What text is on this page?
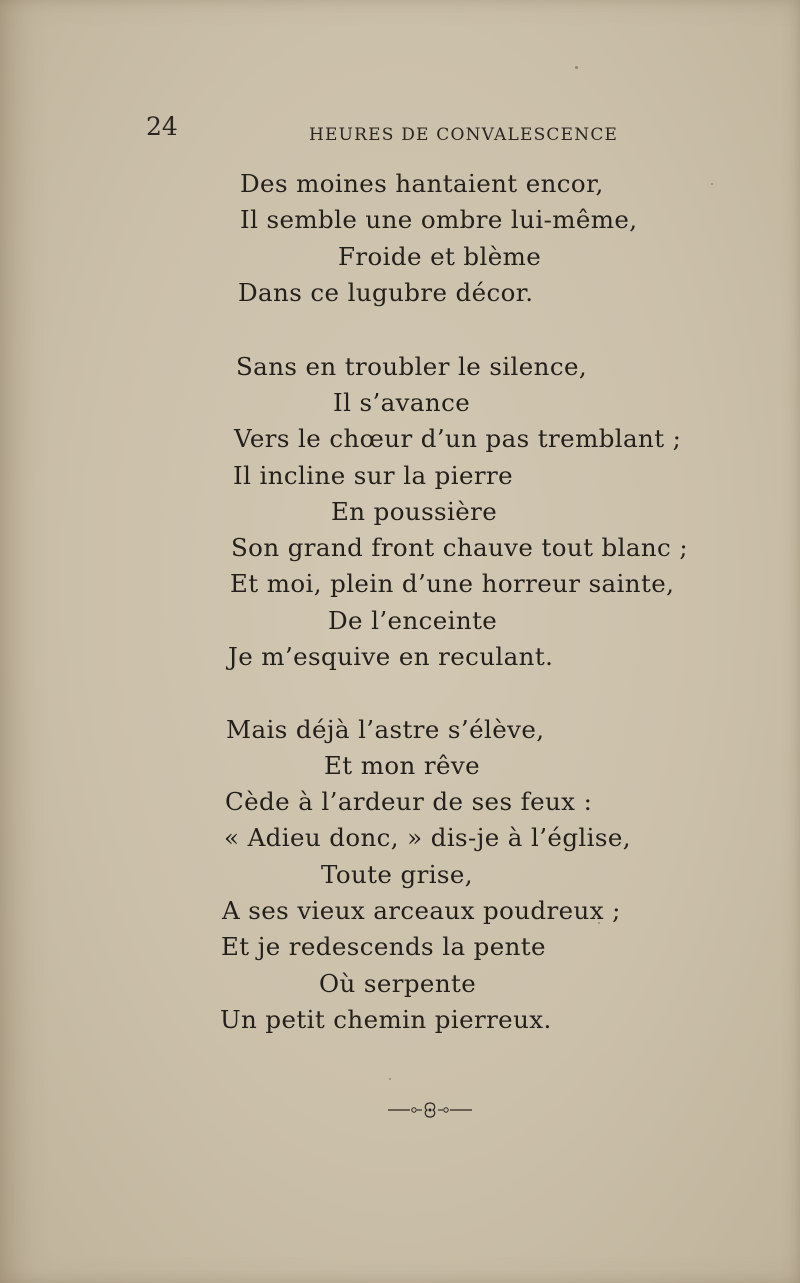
24	HEURES DE CONVALESCENCE
Des moines hantaient encor,
Il semble une ombre lui-même,
Froide et blème
Dans ce lugubre décor.
Sans en troubler le silence,
Il s’avance
Vers le chœur d’un pas tremblant ;
Il incline sur la pierre
En poussière
Son grand front chauve tout blanc ;
Et moi, plein d’une horreur sainte,
De l’enceinte
Je m’esquive en reculant.
Mais déjà l’astre s’élève,
Et mon rêve
Cède à l’ardeur de ses feux :
« Adieu donc, » dis-je à l’église,
Toute grise,
A ses vieux arceaux poudreux ;
Et je redescends la pente
Où serpente
Un petit chemin pierreux.
